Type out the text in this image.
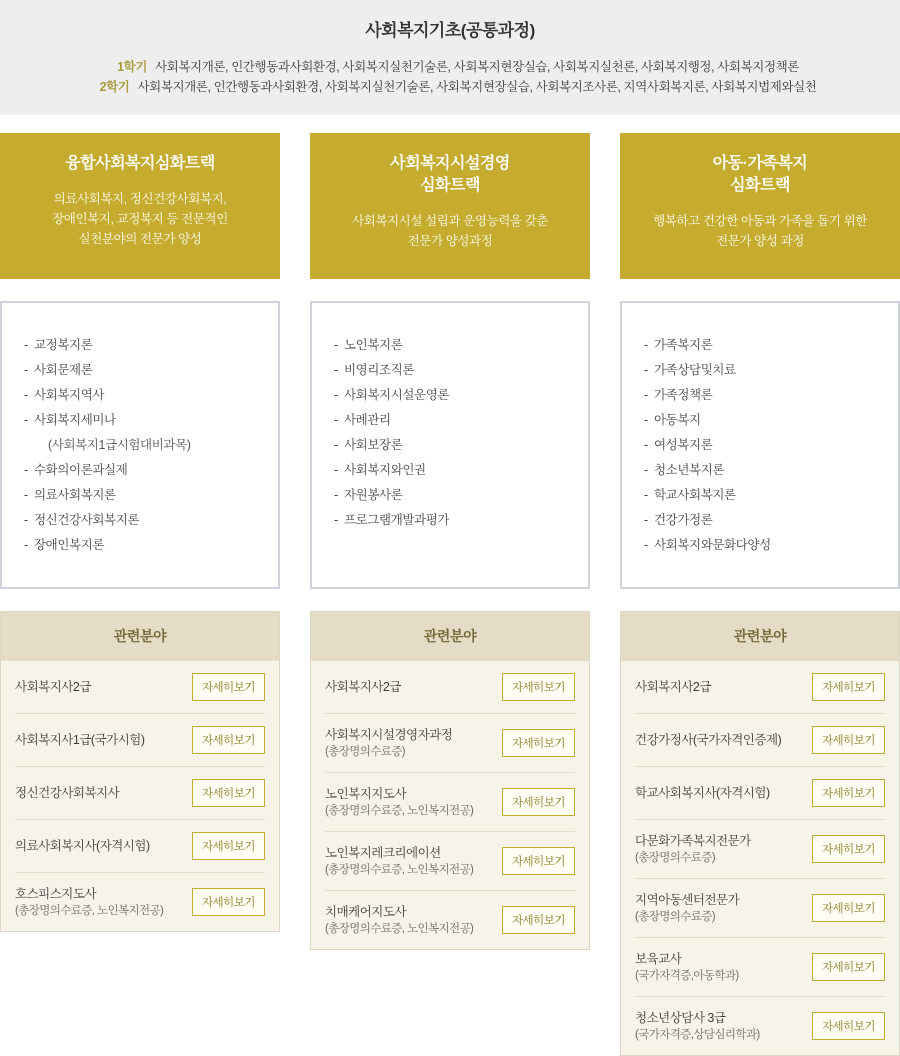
사회복지기초(공통과정)
1학기 사회복지개론, 인간행동과사회환경, 사회복지실천기술론, 사회복지현장실습, 사회복지실천론, 사회복지행정, 사회복지정책론
2학기 사회복지개론, 인간행동과사회환경, 사회복지실천기술론, 사회복지현장실습, 사회복지조사론, 지역사회복지론, 사회복지법제와실천
융합사회복지심화트랙
의료사회복지, 정신건강사회복지,
장애인복지, 교정복지 등 전문적인
실천분야의 전문가 양성
- 교정복지론
- 사회문제론
- 사회복지역사
- 사회복지세미나
(사회복지1급시험대비과목)
- 수화의이론과실제
- 의료사회복지론
- 정신건강사회복지론
- 장애인복지론
관련분야
사회복지사2급	자세히보기
사회복지사1급(국가시험)	자세히보기
정신건강사회복지사	자세히보기
의료사회복지사(자격시험)	자세히보기
호스피스지도사
(총장명의수료증, 노인복지전공)
자세히보기
사회복지시설경영
심화트랙
사회복지시설 설립과 운영능력을 갖춘
전문가 양성과정
- 노인복지론
- 비영리조직론
- 사회복지시설운영론
- 사례관리
- 사회보장론
- 사회복지와인권
- 자원봉사론
- 프로그램개발과평가
관련분야
사회복지사2급	자세히보기
사회복지시설경영자과정
(총장명의수료증)
자세히보기
노인복지지도사
(총장명의수료증, 노인복지전공)
자세히보기
노인복지레크리에이션
(총장명의수료증, 노인복지전공)
자세히보기
치매케어지도사
(총장명의수료증, 노인복지전공)
자세히보기
아동·가족복지
심화트랙
행복하고 건강한 아동과 가족을 돕기 위한
전문가 양성 과정
- 가족복지론
- 가족상담및치료
- 가족정책론
- 아동복지
- 여성복지론
- 청소년복지론
- 학교사회복지론
- 건강가정론
- 사회복지와문화다양성
관련분야
사회복지사2급	자세히보기
건강가정사(국가자격인증제)	자세히보기
학교사회복지사(자격시험)	자세히보기
다문화가족복지전문가
(총장명의수료증)
자세히보기
지역아동센터전문가
(총장명의수료증)
자세히보기
보육교사
(국가자격증,아동학과)
자세히보기
청소년상담사 3급
(국가자격증,상담심리학과)
자세히보기
